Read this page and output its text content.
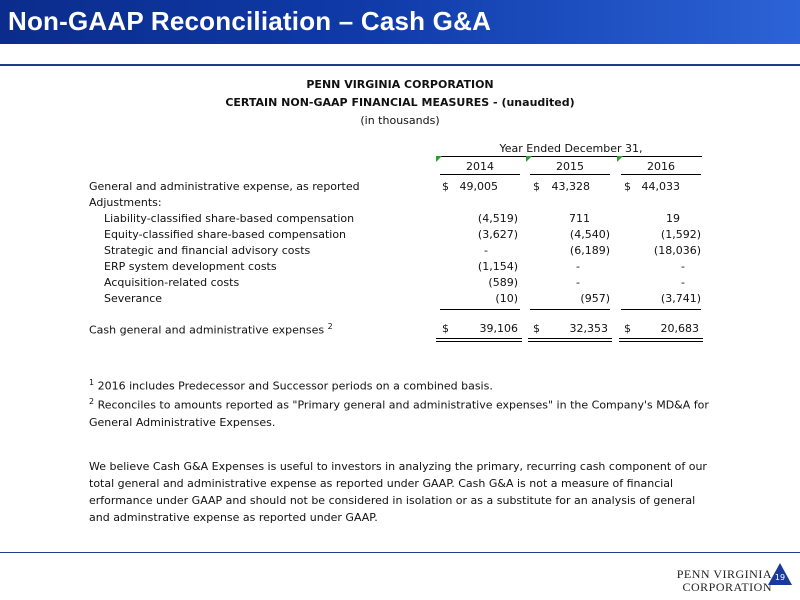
Non-GAAP Reconciliation – Cash G&A
PENN VIRGINIA CORPORATION
CERTAIN NON-GAAP FINANCIAL MEASURES - (unaudited)
(in thousands)
Year Ended December 31,
2014	2015	2016
General and administrative expense, as reported	$ 49,005	$	43,328	$ 44,033
Adjustments:
Liability-classified share-based compensation	(4,519)	711	19
Equity-classified share-based compensation	(3,627)	(4,540)	(1,592)
Strategic and financial advisory costs	-	(6,189)	(18,036)
ERP system development costs	(1,154)	-	-
Acquisition-related costs	(589)	-	-
Severance	(10)	(957)	(3,741)
Cash general and administrative expenses $^2$	$	39,106 $	32,353 $	20,683
$^1$ 2016 includes Predecessor and Successor periods on a combined basis.
$^2$ Reconciles to amounts reported as "Primary general and administrative expenses" in the Company's MD&A for General Administrative Expenses.
We believe Cash G&A Expenses is useful to investors in analyzing the primary, recurring cash component of our total general and administrative expense as reported under GAAP. Cash G&A is not a measure of financial erformance under GAAP and should not be considered in isolation or as a substitute for an analysis of general and adminstrative expense as reported under GAAP.
PENN VIRGINIA
CORPORATION
19
